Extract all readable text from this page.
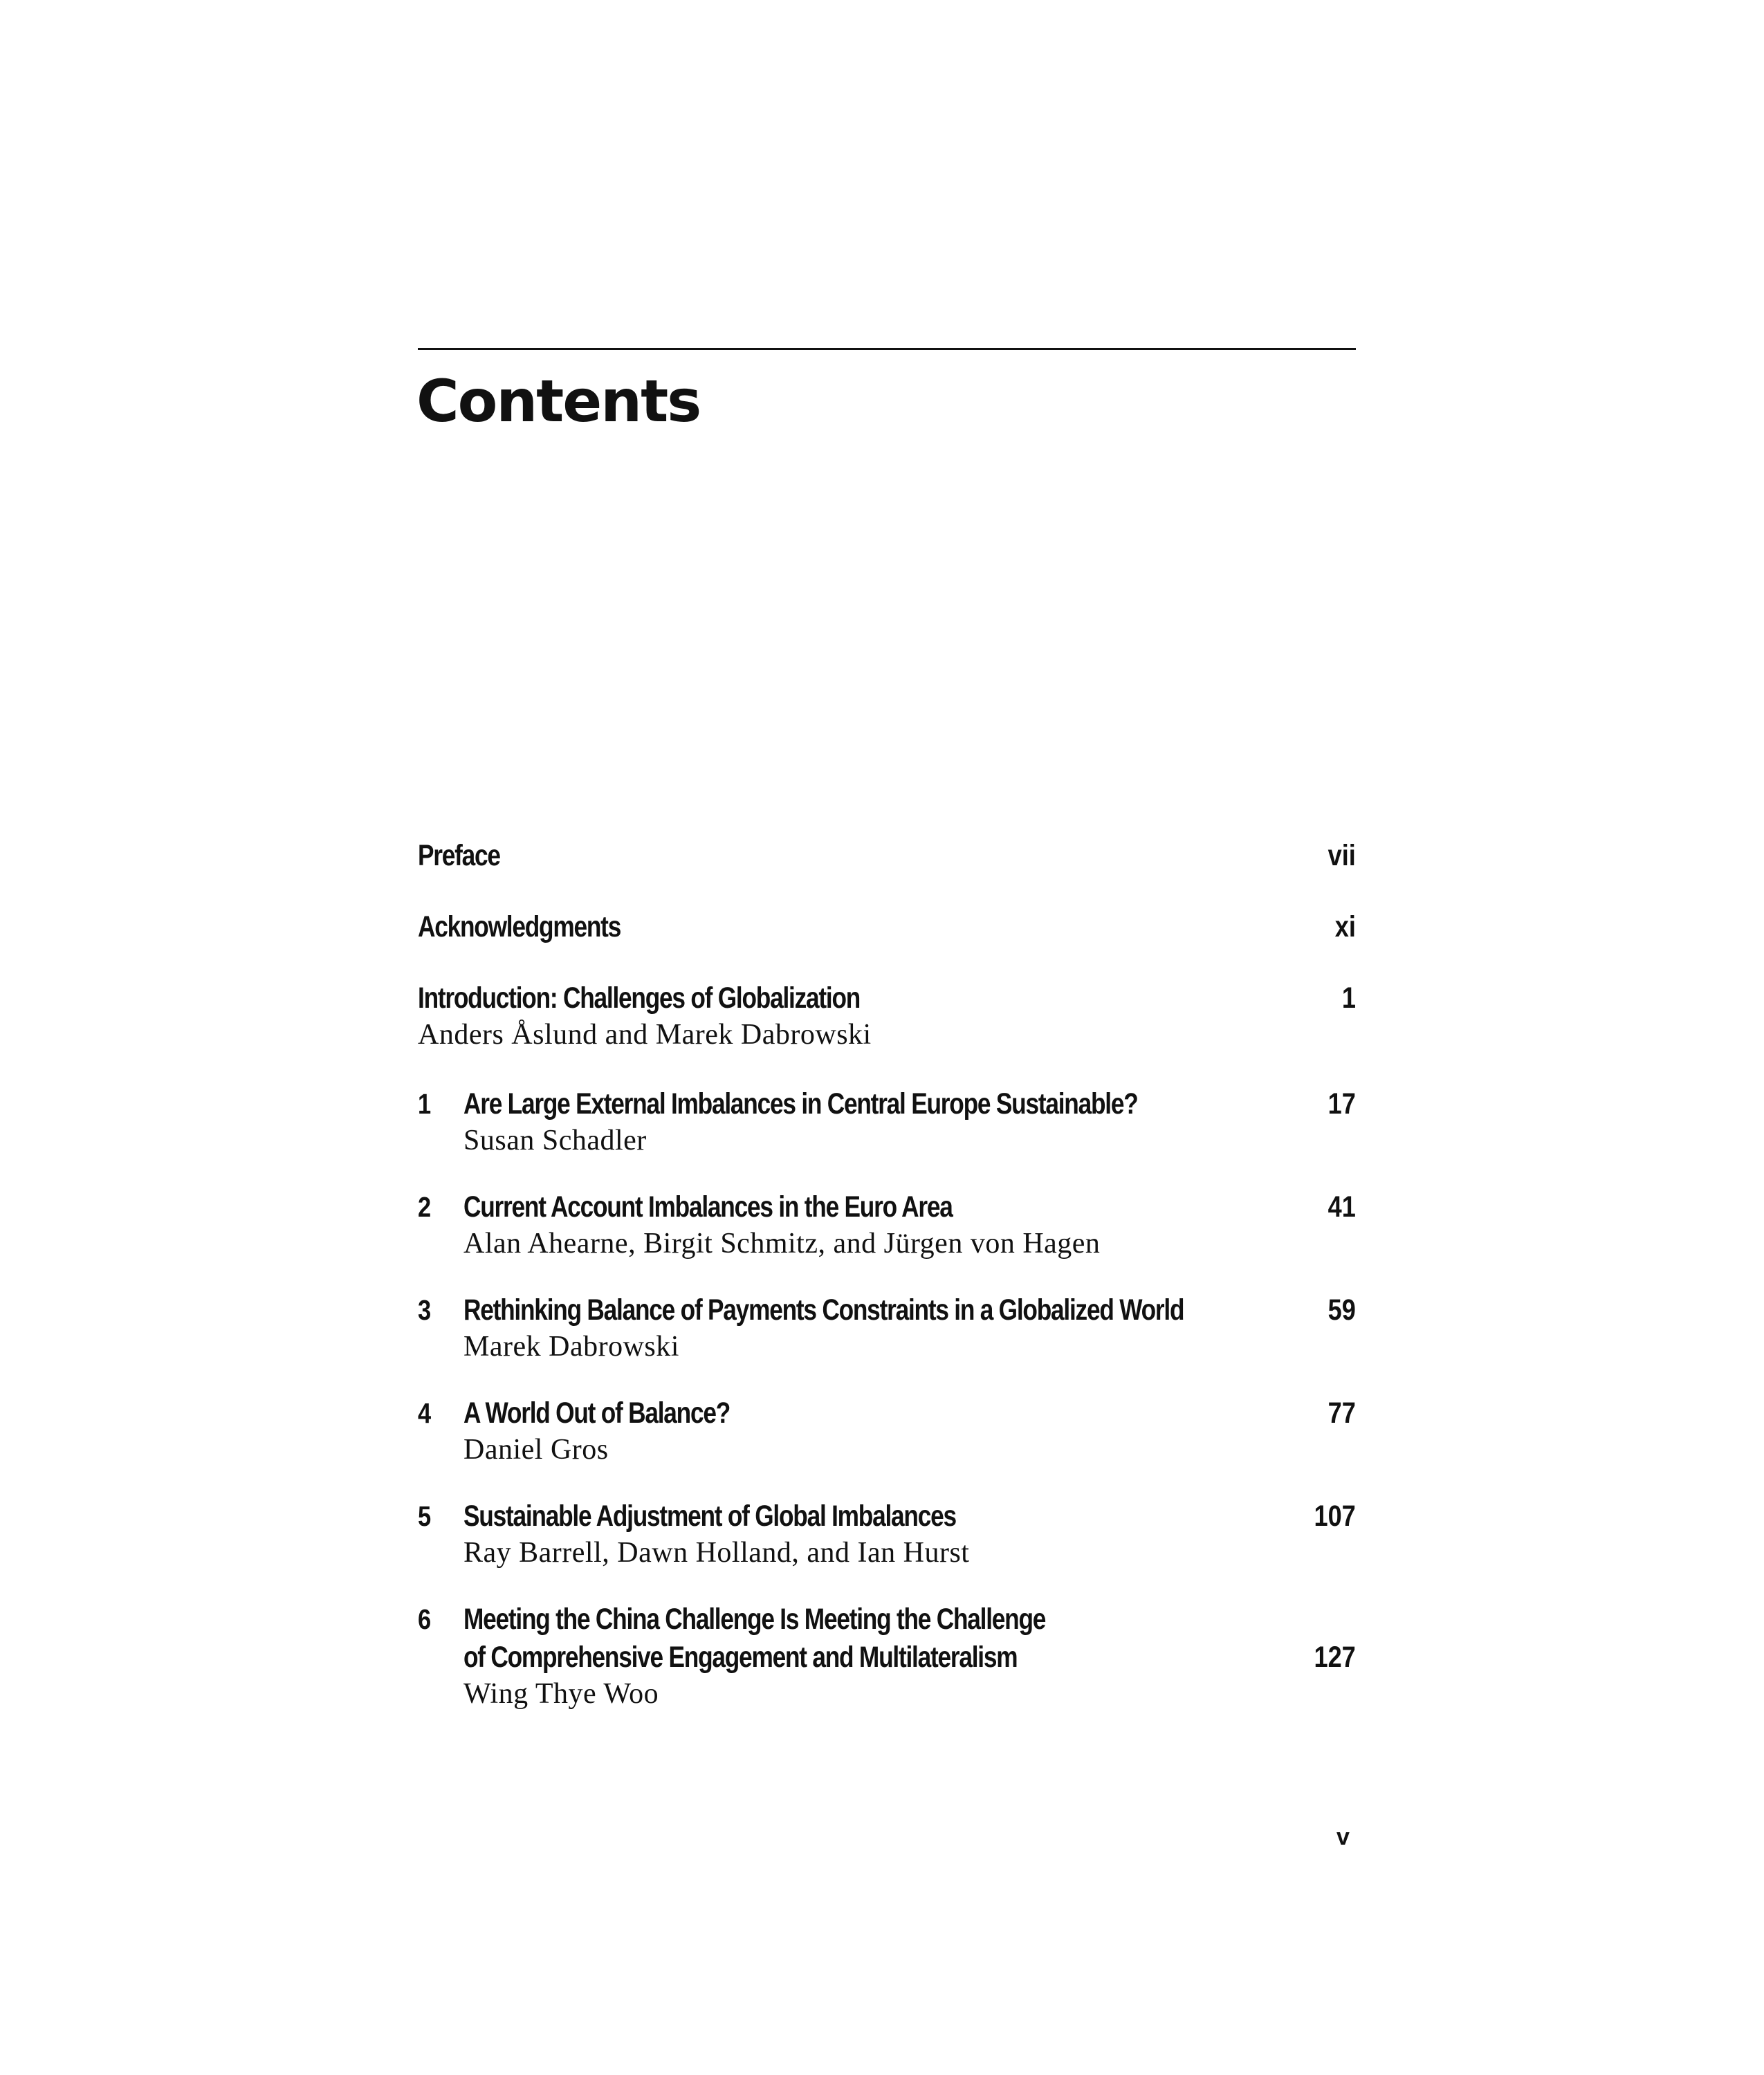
Contents
Preface	vii
Acknowledgments	xi
Introduction: Challenges of Globalization
Anders Åslund and Marek Dabrowski
1
1 Are Large External Imbalances in Central Europe Sustainable?
Susan Schadler
17
2 Current Account Imbalances in the Euro Area
Alan Ahearne, Birgit Schmitz, and Jürgen von Hagen
41
3 Rethinking Balance of Payments Constraints in a Globalized World
Marek Dabrowski
59
4 A World Out of Balance?
Daniel Gros
77
5 Sustainable Adjustment of Global Imbalances
Ray Barrell, Dawn Holland, and Ian Hurst
107
6 Meeting the China Challenge Is Meeting the Challenge
of Comprehensive Engagement and Multilateralism
Wing Thye Woo
127
v
